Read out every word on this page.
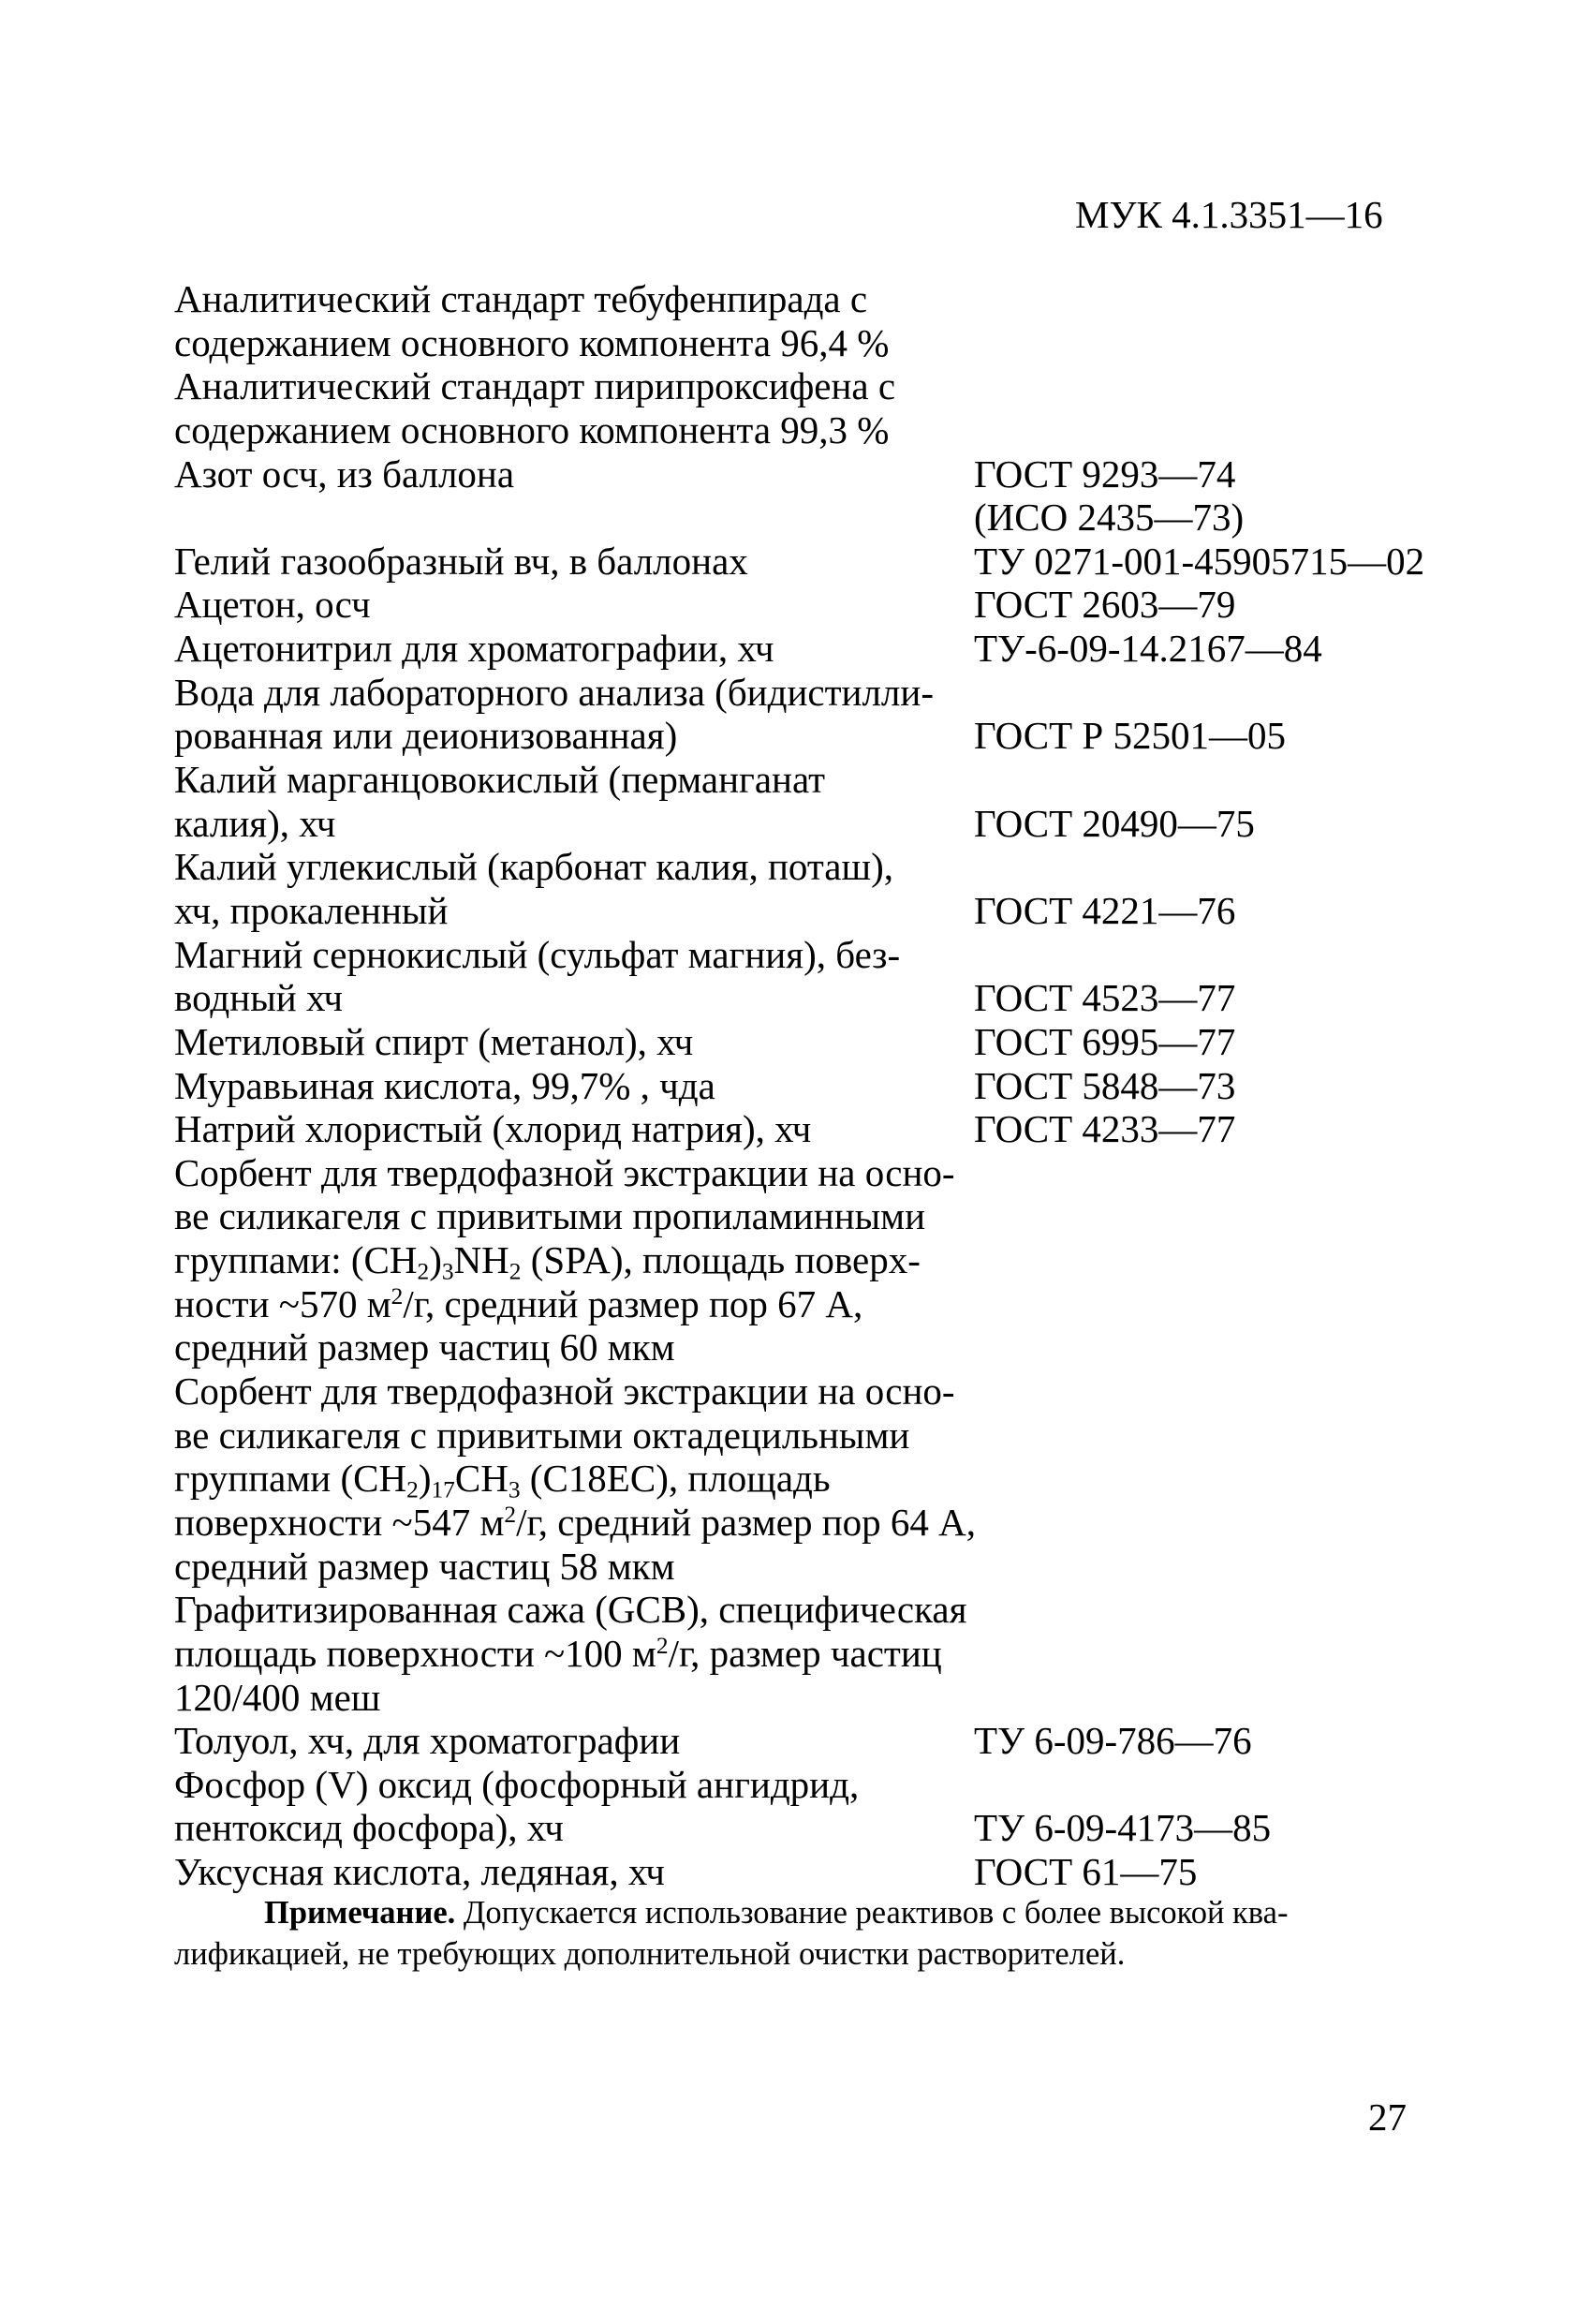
МУК 4.1.3351—16
Аналитический стандарт тебуфенпирада с
содержанием основного компонента 96,4 %
Аналитический стандарт пирипроксифена с
содержанием основного компонента 99,3 %
Азот осч, из баллона	ГОСТ 9293—74
(ИСО 2435—73)
Гелий газообразный вч, в баллонах	ТУ 0271-001-45905715—02
Ацетон, осч	ГОСТ 2603—79
Ацетонитрил для хроматографии, хч	ТУ-6-09-14.2167—84
Вода для лабораторного анализа (бидистилли-
рованная или деионизованная)	ГОСТ Р 52501—05
Калий марганцовокислый (перманганат
калия), хч	ГОСТ 20490—75
Калий углекислый (карбонат калия, поташ),
хч, прокаленный	ГОСТ 4221—76
Магний сернокислый (сульфат магния), без-
водный хч	ГОСТ 4523—77
Метиловый спирт (метанол), хч	ГОСТ 6995—77
Муравьиная кислота, 99,7% , чда	ГОСТ 5848—73
Натрий хлористый (хлорид натрия), хч	ГОСТ 4233—77
Сорбент для твердофазной экстракции на осно-
ве силикагеля с привитыми пропиламинными
группами: $(CH_2)_3NH_2$ (SPA), площадь поверх-
ности ~570 $м^2/г$, средний размер пор 67 А,
средний размер частиц 60 мкм
Сорбент для твердофазной экстракции на осно-
ве силикагеля с привитыми октадецильными
группами $(CH_2)_{17}CH_3$ (C18EC), площадь
поверхности ~547 $м^2/г$, средний размер пор 64 А,
средний размер частиц 58 мкм
Графитизированная сажа (GCB), специфическая
площадь поверхности ~100 $м^2/г$, размер частиц
120/400 меш
Толуол, хч, для хроматографии	ТУ 6-09-786—76
Фосфор (V) оксид (фосфорный ангидрид,
пентоксид фосфора), хч	ТУ 6-09-4173—85
Уксусная кислота, ледяная, хч	ГОСТ 61—75
Примечание. Допускается использование реактивов с более высокой ква-
лификацией, не требующих дополнительной очистки растворителей.
27
